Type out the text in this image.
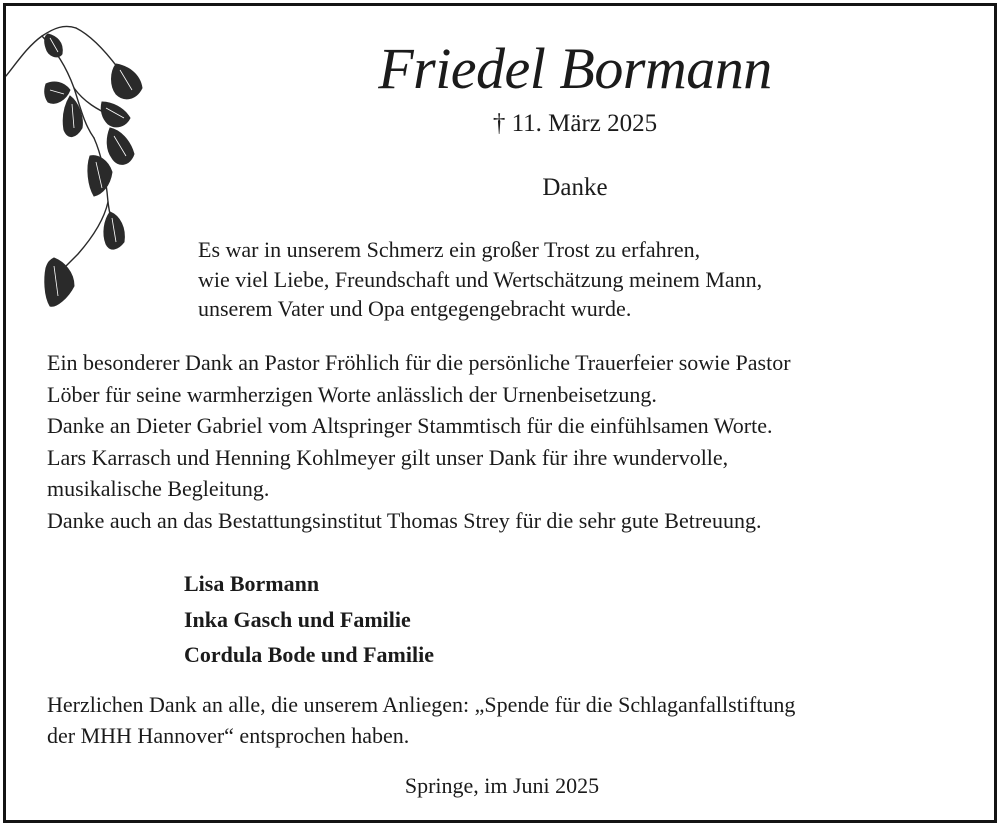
Friedel Bormann
† 11. März 2025
Danke
Es war in unserem Schmerz ein großer Trost zu erfahren,
wie viel Liebe, Freundschaft und Wertschätzung meinem Mann,
unserem Vater und Opa entgegengebracht wurde.
Ein besonderer Dank an Pastor Fröhlich für die persönliche Trauerfeier sowie Pastor
Löber für seine warmherzigen Worte anlässlich der Urnenbeisetzung.
Danke an Dieter Gabriel vom Altspringer Stammtisch für die einfühlsamen Worte.
Lars Karrasch und Henning Kohlmeyer gilt unser Dank für ihre wundervolle,
musikalische Begleitung.
Danke auch an das Bestattungsinstitut Thomas Strey für die sehr gute Betreuung.
Lisa Bormann
Inka Gasch und Familie
Cordula Bode und Familie
Herzlichen Dank an alle, die unserem Anliegen: „Spende für die Schlaganfallstiftung
der MHH Hannover“ entsprochen haben.
Springe, im Juni 2025
